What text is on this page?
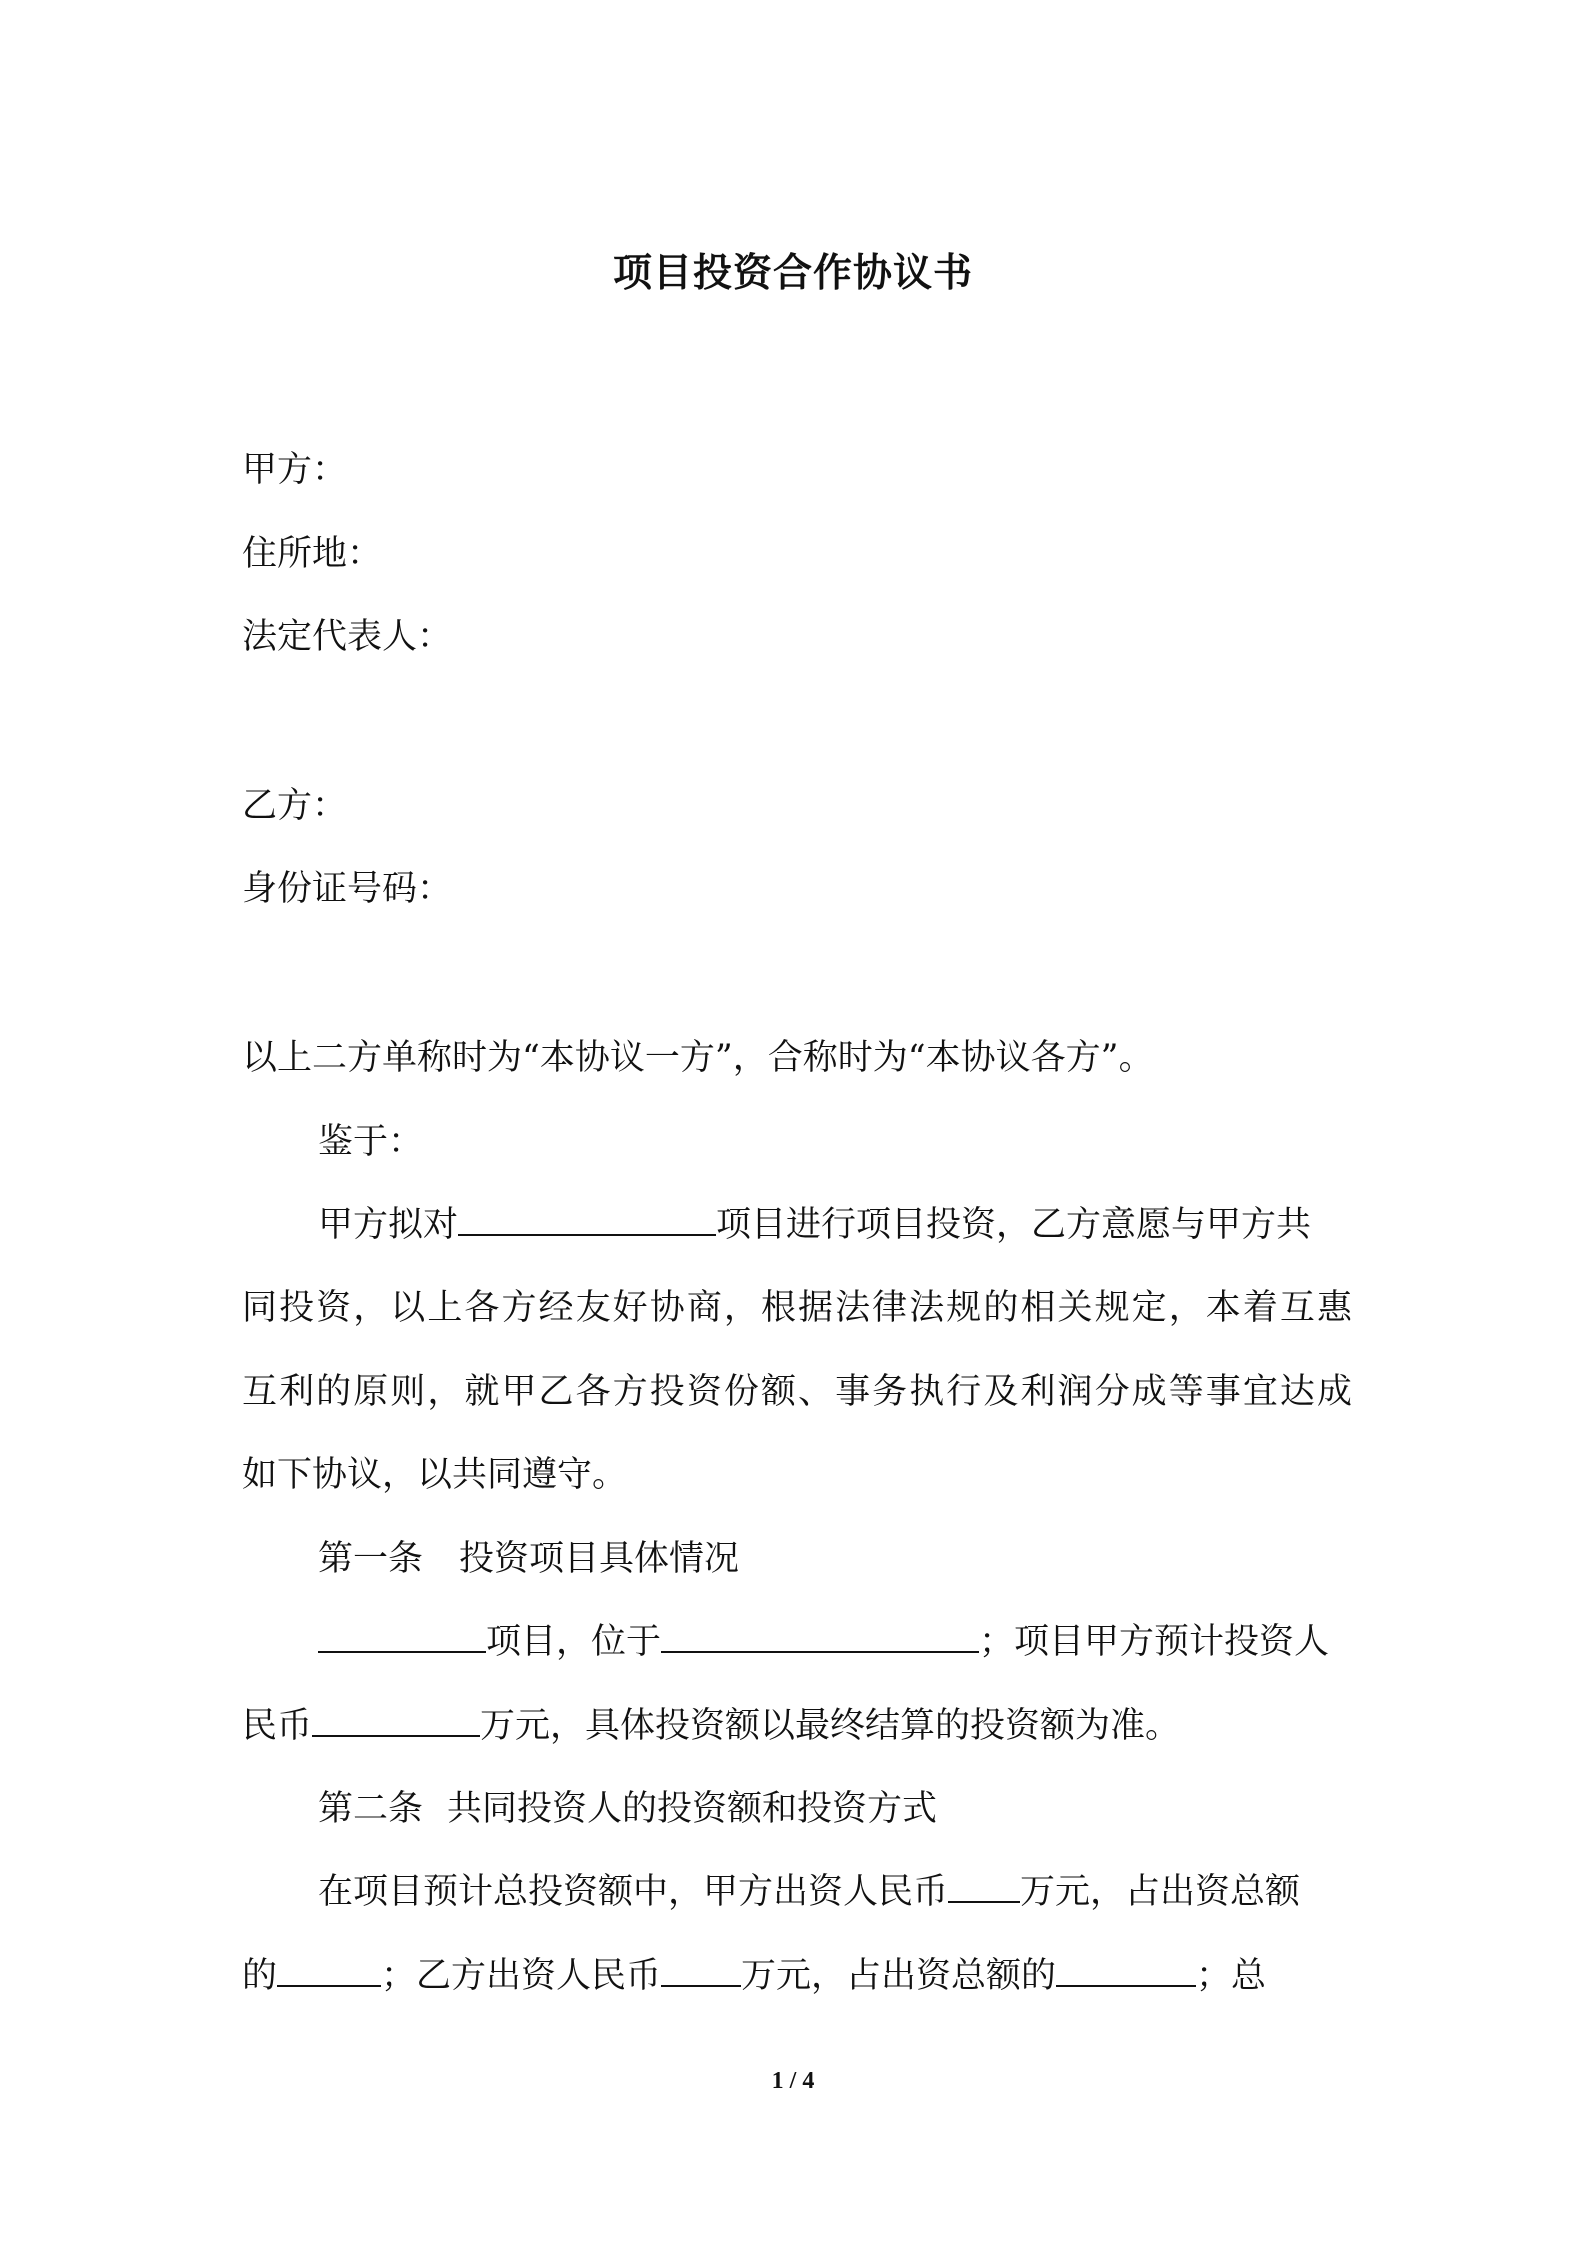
项目投资合作协议书
甲方：
住所地：
法定代表人：
乙方：
身份证号码：
以上二方单称时为“本协议一方”，合称时为“本协议各方”。
鉴于：
甲方拟对	项目进行项目投资，乙方意愿与甲方共
同投资，以上各方经友好协商，根据法律法规的相关规定，本着互惠
互利的原则，就甲乙各方投资份额、事务执行及利润分成等事宜达成
如下协议，以共同遵守。
第一条 投资项目具体情况
项目，位于	；项目甲方预计投资人
民币	万元，具体投资额以最终结算的投资额为准。
第二条 共同投资人的投资额和投资方式
在项目预计总投资额中，甲方出资人民币 万元，占出资总额
的	；乙方出资人民币 万元，占出资总额的	；总
1 / 4
